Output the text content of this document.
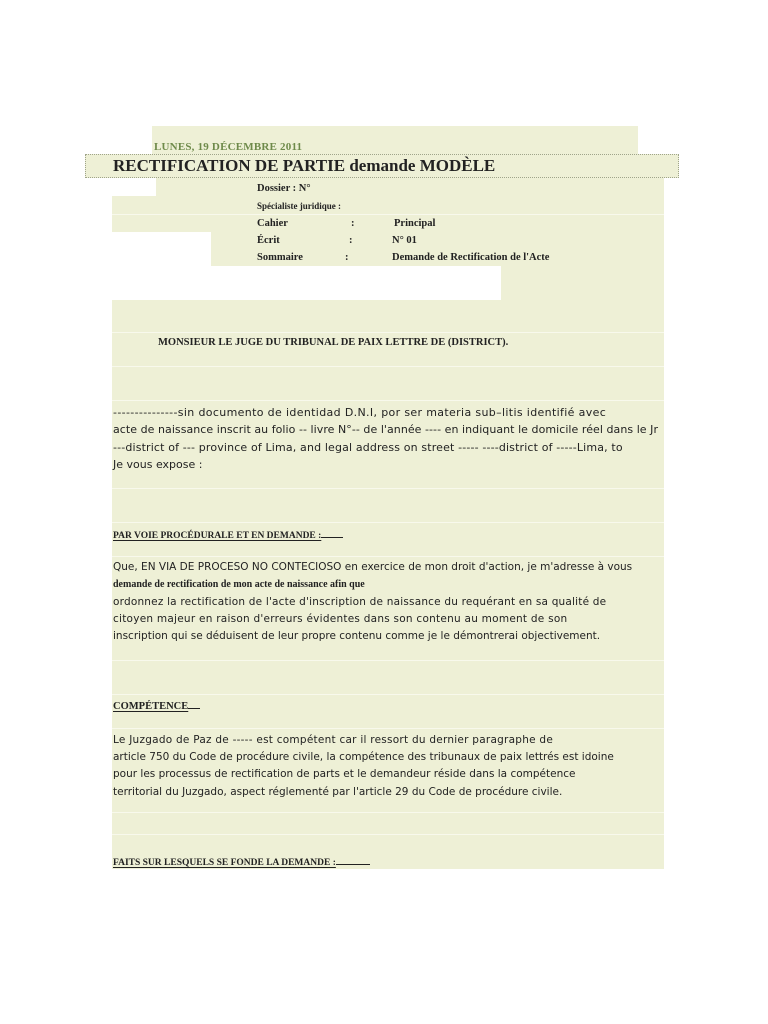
LUNES, 19 DÉCEMBRE 2011
RECTIFICATION DE PARTIE demande MODÈLE
Dossier : N°
Spécialiste juridique :
Cahier	:	Principal
Écrit	:	N° 01
Sommaire	:	Demande de Rectification de l'Acte
MONSIEUR LE JUGE DU TRIBUNAL DE PAIX LETTRE DE (DISTRICT).
---------------sin documento de identidad D.N.I, por ser materia sub–litis identifié avec
acte de naissance inscrit au folio -- livre N°-- de l'année ---- en indiquant le domicile réel dans le Jr
---district of --- province of Lima, and legal address on street ----- ----district of -----Lima, to
Je vous expose :
PAR VOIE PROCÉDURALE ET EN DEMANDE :
Que, EN VIA DE PROCESO NO CONTECIOSO en exercice de mon droit d'action, je m'adresse à vous
demande de rectification de mon acte de naissance afin que
ordonnez la rectification de l'acte d'inscription de naissance du requérant en sa qualité de
citoyen majeur en raison d'erreurs évidentes dans son contenu au moment de son
inscription qui se déduisent de leur propre contenu comme je le démontrerai objectivement.
COMPÉTENCE
Le Juzgado de Paz de ----- est compétent car il ressort du dernier paragraphe de
article 750 du Code de procédure civile, la compétence des tribunaux de paix lettrés est idoine
pour les processus de rectification de parts et le demandeur réside dans la compétence
territorial du Juzgado, aspect réglementé par l'article 29 du Code de procédure civile.
FAITS SUR LESQUELS SE FONDE LA DEMANDE :
